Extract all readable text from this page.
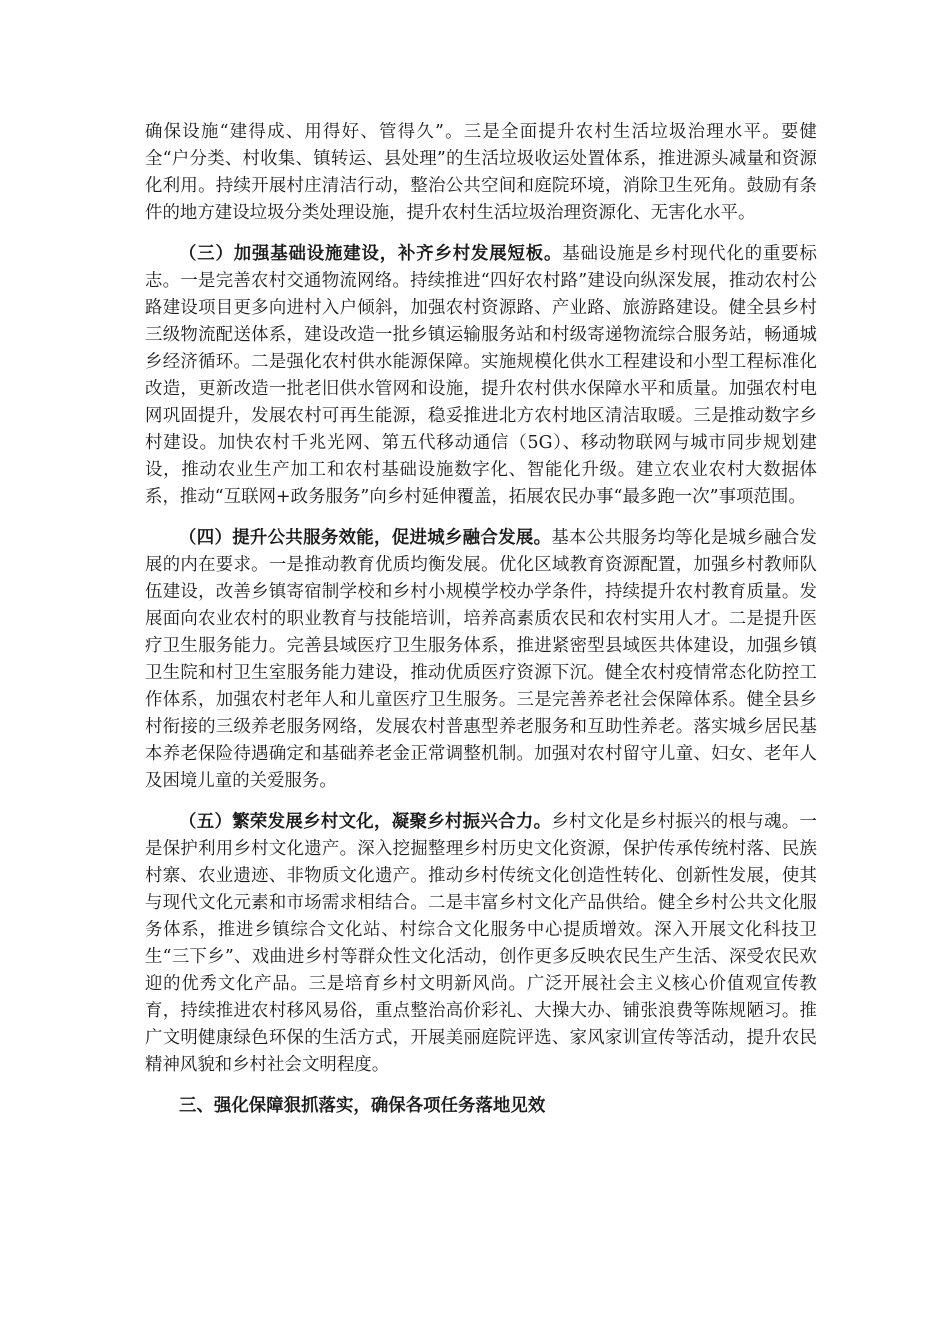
确保设施“建得成、用得好、管得久”。三是全面提升农村生活垃圾治理水平。要健全“户分类、村收集、镇转运、县处理”的生活垃圾收运处置体系，推进源头减量和资源化利用。持续开展村庄清洁行动，整治公共空间和庭院环境，消除卫生死角。鼓励有条件的地方建设垃圾分类处理设施，提升农村生活垃圾治理资源化、无害化水平。

（三）加强基础设施建设，补齐乡村发展短板。基础设施是乡村现代化的重要标志。一是完善农村交通物流网络。持续推进“四好农村路”建设向纵深发展，推动农村公路建设项目更多向进村入户倾斜，加强农村资源路、产业路、旅游路建设。健全县乡村三级物流配送体系，建设改造一批乡镇运输服务站和村级寄递物流综合服务站，畅通城乡经济循环。二是强化农村供水能源保障。实施规模化供水工程建设和小型工程标准化改造，更新改造一批老旧供水管网和设施，提升农村供水保障水平和质量。加强农村电网巩固提升，发展农村可再生能源，稳妥推进北方农村地区清洁取暖。三是推动数字乡村建设。加快农村千兆光网、第五代移动通信（5G）、移动物联网与城市同步规划建设，推动农业生产加工和农村基础设施数字化、智能化升级。建立农业农村大数据体系，推动“互联网+政务服务”向乡村延伸覆盖，拓展农民办事“最多跑一次”事项范围。

（四）提升公共服务效能，促进城乡融合发展。基本公共服务均等化是城乡融合发展的内在要求。一是推动教育优质均衡发展。优化区域教育资源配置，加强乡村教师队伍建设，改善乡镇寄宿制学校和乡村小规模学校办学条件，持续提升农村教育质量。发展面向农业农村的职业教育与技能培训，培养高素质农民和农村实用人才。二是提升医疗卫生服务能力。完善县域医疗卫生服务体系，推进紧密型县域医共体建设，加强乡镇卫生院和村卫生室服务能力建设，推动优质医疗资源下沉。健全农村疫情常态化防控工作体系，加强农村老年人和儿童医疗卫生服务。三是完善养老社会保障体系。健全县乡村衔接的三级养老服务网络，发展农村普惠型养老服务和互助性养老。落实城乡居民基本养老保险待遇确定和基础养老金正常调整机制。加强对农村留守儿童、妇女、老年人及困境儿童的关爱服务。

（五）繁荣发展乡村文化，凝聚乡村振兴合力。乡村文化是乡村振兴的根与魂。一是保护利用乡村文化遗产。深入挖掘整理乡村历史文化资源，保护传承传统村落、民族村寨、农业遗迹、非物质文化遗产。推动乡村传统文化创造性转化、创新性发展，使其与现代文化元素和市场需求相结合。二是丰富乡村文化产品供给。健全乡村公共文化服务体系，推进乡镇综合文化站、村综合文化服务中心提质增效。深入开展文化科技卫生“三下乡”、戏曲进乡村等群众性文化活动，创作更多反映农民生产生活、深受农民欢迎的优秀文化产品。三是培育乡村文明新风尚。广泛开展社会主义核心价值观宣传教育，持续推进农村移风易俗，重点整治高价彩礼、大操大办、铺张浪费等陈规陋习。推广文明健康绿色环保的生活方式，开展美丽庭院评选、家风家训宣传等活动，提升农民精神风貌和乡村社会文明程度。

三、强化保障狠抓落实，确保各项任务落地见效
